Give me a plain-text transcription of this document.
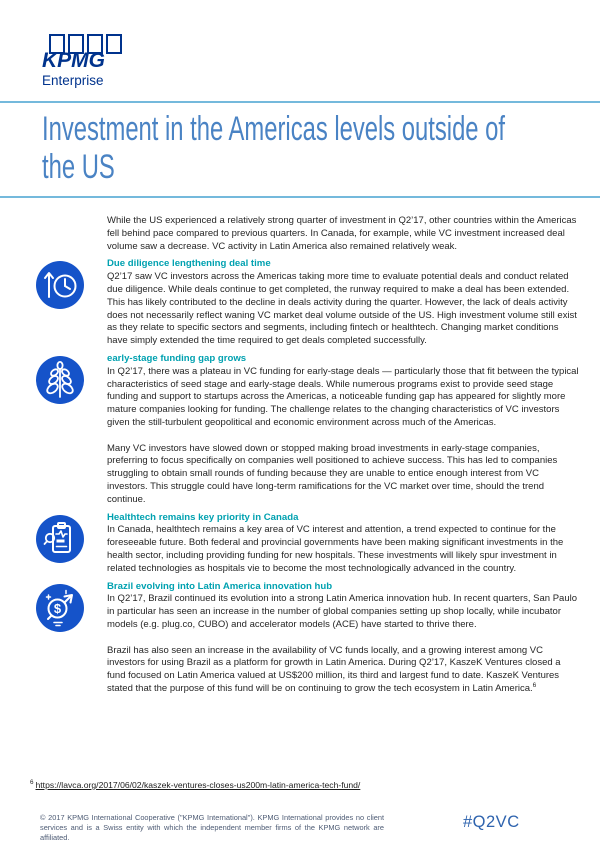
KPMG
Enterprise
Investment in the Americas levels outside of
the US

While the US experienced a relatively strong quarter of investment in Q2’17, other countries within the Americas fell behind pace compared to previous quarters. In Canada, for example, while VC investment increased deal volume saw a decrease. VC activity in Latin America also remained relatively weak.

Due diligence lengthening deal time

Q2’17 saw VC investors across the Americas taking more time to evaluate potential deals and conduct related due diligence. While deals continue to get completed, the runway required to make a deal has been extended. This has likely contributed to the decline in deals activity during the quarter. However, the lack of deals activity does not necessarily reflect waning VC market deal volume outside of the US. High investment volume still exist as they relate to specific sectors and segments, including fintech or healthtech. Changing market conditions have simply extended the time required to get deals completed successfully.

early-stage funding gap grows

In Q2’17, there was a plateau in VC funding for early-stage deals — particularly those that fit between the typical characteristics of seed stage and early-stage deals. While numerous programs exist to provide seed stage funding and support to startups across the Americas, a noticeable funding gap has appeared for slightly more mature companies looking for funding. The challenge relates to the changing characteristics of VC investors given the still-turbulent geopolitical and economic environment across much of the Americas.

Many VC investors have slowed down or stopped making broad investments in early-stage companies, preferring to focus specifically on companies well positioned to achieve success. This has led to companies struggling to obtain small rounds of funding because they are unable to entice enough interest from VC investors. This struggle could have long-term ramifications for the VC market over time, should the trend continue.

Healthtech remains key priority in Canada

In Canada, healthtech remains a key area of VC interest and attention, a trend expected to continue for the foreseeable future. Both federal and provincial governments have been making significant investments in the health sector, including providing funding for new hospitals. These investments will likely spur investment in related technologies as hospitals vie to become the most technologically advanced in the country.

$
Brazil evolving into Latin America innovation hub

In Q2’17, Brazil continued its evolution into a strong Latin America innovation hub. In recent quarters, San Paulo in particular has seen an increase in the number of global companies setting up shop locally, while incubator models (e.g. plug.co, CUBO) and accelerator models (ACE) have started to thrive there.

Brazil has also seen an increase in the availability of VC funds locally, and a growing interest among VC investors for using Brazil as a platform for growth in Latin America. During Q2’17, KaszeK Ventures closed a fund focused on Latin America valued at US$200 million, its third and largest fund to date. KaszeK Ventures stated that the purpose of this fund will be on continuing to grow the tech ecosystem in Latin America.$^6$

$^6$ https://lavca.org/2017/06/02/kaszek-ventures-closes-us200m-latin-america-tech-fund/
© 2017 KPMG International Cooperative ("KPMG International"). KPMG International provides no client services and is a Swiss entity with which the independent member firms of the KPMG network are affiliated.
#Q2VC
